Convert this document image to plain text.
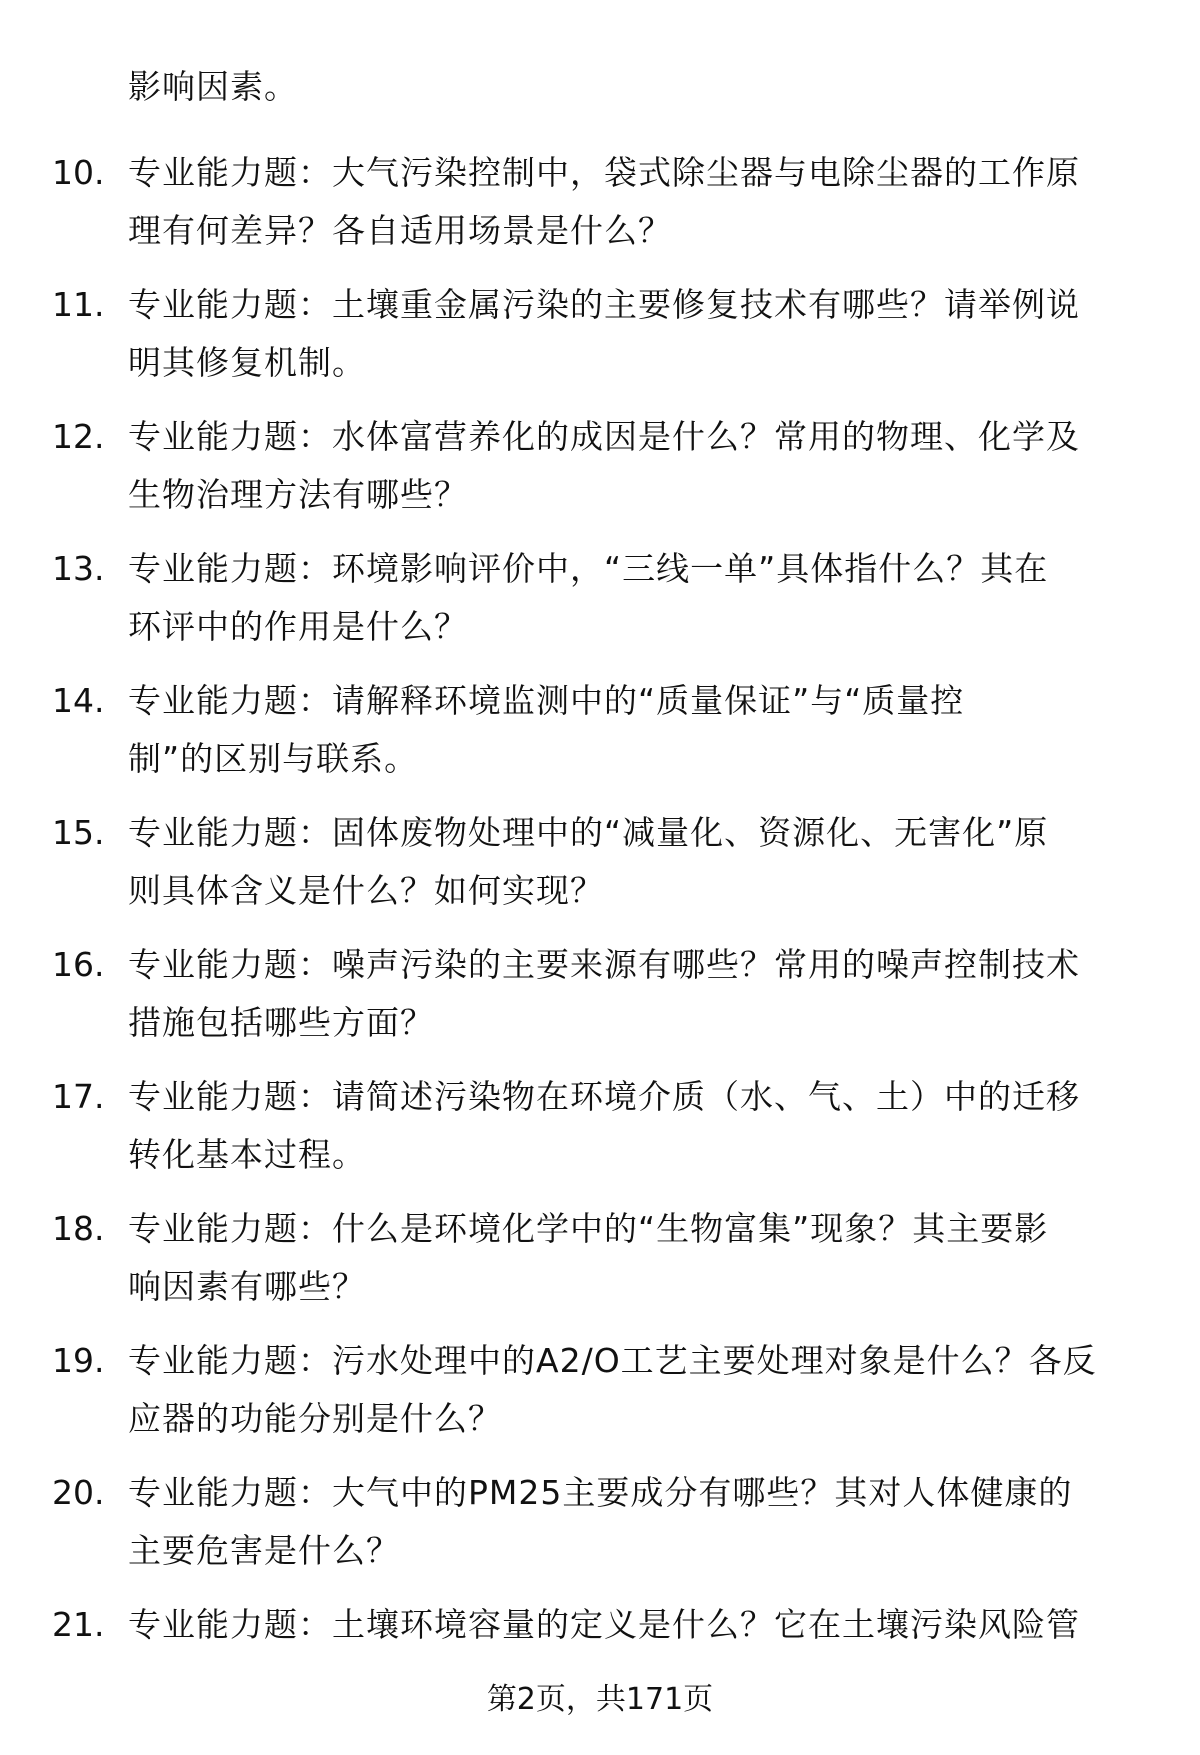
影响因素。
10. 专业能力题：大气污染控制中，袋式除尘器与电除尘器的工作原
理有何差异？各自适用场景是什么？
11. 专业能力题：土壤重金属污染的主要修复技术有哪些？请举例说
明其修复机制。
12. 专业能力题：水体富营养化的成因是什么？常用的物理、化学及
生物治理方法有哪些？
13. 专业能力题：环境影响评价中，“三线一单”具体指什么？其在
环评中的作用是什么？
14. 专业能力题：请解释环境监测中的“质量保证”与“质量控
制”的区别与联系。
15. 专业能力题：固体废物处理中的“减量化、资源化、无害化”原
则具体含义是什么？如何实现？
16. 专业能力题：噪声污染的主要来源有哪些？常用的噪声控制技术
措施包括哪些方面？
17. 专业能力题：请简述污染物在环境介质（水、气、土）中的迁移
转化基本过程。
18. 专业能力题：什么是环境化学中的“生物富集”现象？其主要影
响因素有哪些？
19. 专业能力题：污水处理中的A2/O工艺主要处理对象是什么？各反
应器的功能分别是什么？
20. 专业能力题：大气中的PM25主要成分有哪些？其对人体健康的
主要危害是什么？
21. 专业能力题：土壤环境容量的定义是什么？它在土壤污染风险管
第2页，共171页
